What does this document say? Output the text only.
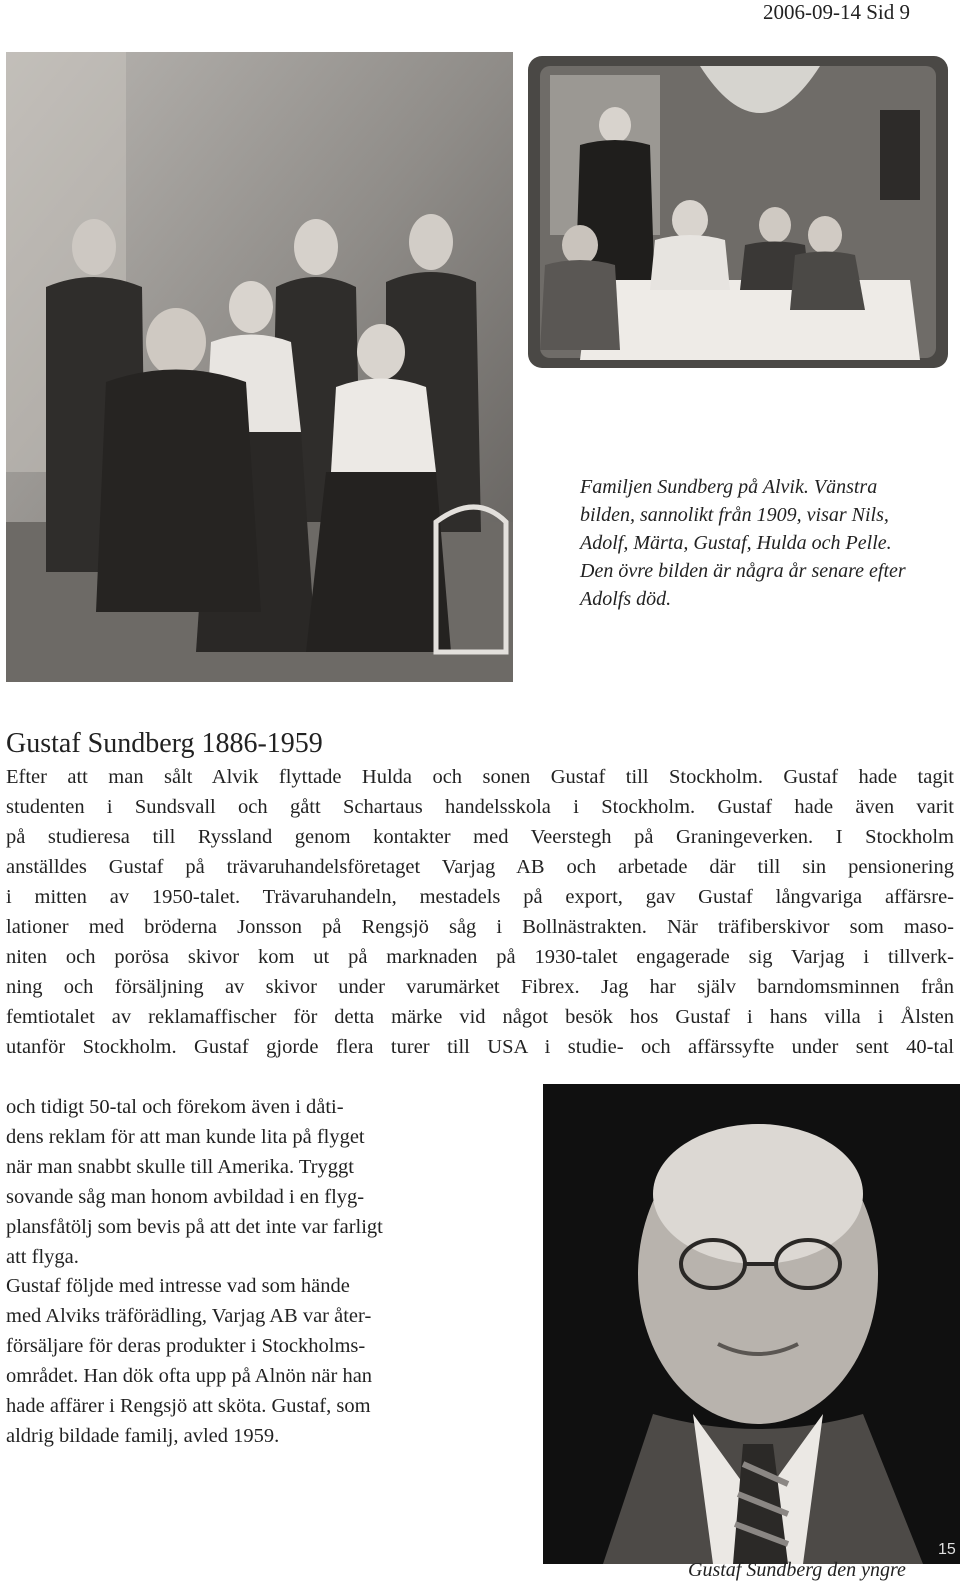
2006-09-14 Sid 9
Familjen Sundberg på Alvik. Vänstra
bilden, sannolikt från 1909, visar Nils,
Adolf, Märta, Gustaf, Hulda och Pelle.
Den övre bilden är några år senare efter
Adolfs död.
Gustaf Sundberg 1886-1959
Efter att man sålt Alvik flyttade Hulda och sonen Gustaf till Stockholm. Gustaf hade tagit
studenten i Sundsvall och gått Schartaus handelsskola i Stockholm. Gustaf hade även varit
på studieresa till Ryssland genom kontakter med Veerstegh på Graningeverken. I Stockholm
anställdes Gustaf på trävaruhandelsföretaget Varjag AB och arbetade där till sin pensionering
i mitten av 1950-talet. Trävaruhandeln, mestadels på export, gav Gustaf långvariga affärsre-
lationer med bröderna Jonsson på Rengsjö såg i Bollnästrakten. När träfiberskivor som maso-
niten och porösa skivor kom ut på marknaden på 1930-talet engagerade sig Varjag i tillverk-
ning och försäljning av skivor under varumärket Fibrex. Jag har själv barndomsminnen från
femtiotalet av reklamaffischer för detta märke vid något besök hos Gustaf i hans villa i Ålsten
utanför Stockholm. Gustaf gjorde flera turer till USA i studie- och affärssyfte under sent 40-tal
och tidigt 50-tal och förekom även i dåti-
dens reklam för att man kunde lita på flyget
när man snabbt skulle till Amerika. Tryggt
sovande såg man honom avbildad i en flyg-
plansfåtölj som bevis på att det inte var farligt
att flyga.
Gustaf följde med intresse vad som hände
med Alviks träförädling, Varjag AB var åter-
försäljare för deras produkter i Stockholms-
området. Han dök ofta upp på Alnön när han
hade affärer i Rengsjö att sköta. Gustaf, som
aldrig bildade familj, avled 1959.
15
Gustaf Sundberg den yngre
